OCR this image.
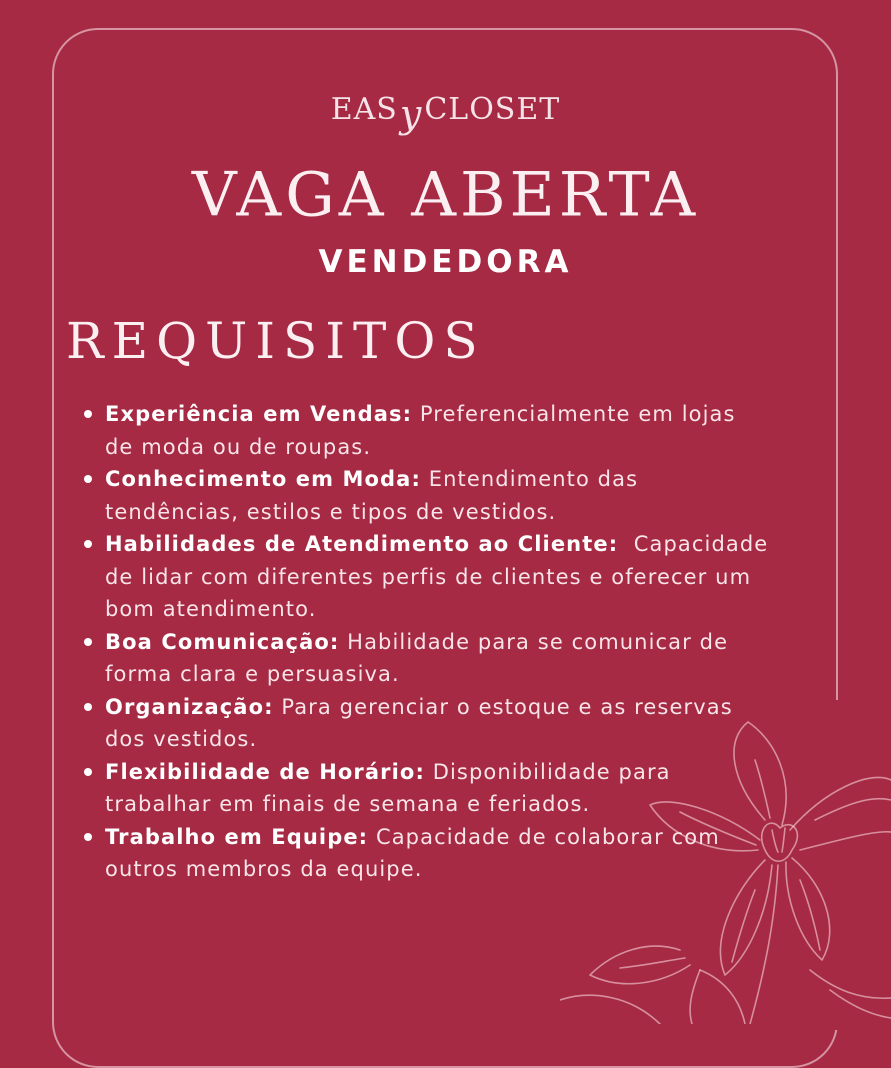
EASyCLOSET
VAGA ABERTA
VENDEDORA
REQUISITOS
Experiência em Vendas: Preferencialmente em lojas de moda ou de roupas.
Conhecimento em Moda: Entendimento das tendências, estilos e tipos de vestidos.
Habilidades de Atendimento ao Cliente:  Capacidade de lidar com diferentes perfis de clientes e oferecer um bom atendimento.
Boa Comunicação: Habilidade para se comunicar de forma clara e persuasiva.
Organização: Para gerenciar o estoque e as reservas dos vestidos.
Flexibilidade de Horário: Disponibilidade para trabalhar em finais de semana e feriados.
Trabalho em Equipe: Capacidade de colaborar com outros membros da equipe.
